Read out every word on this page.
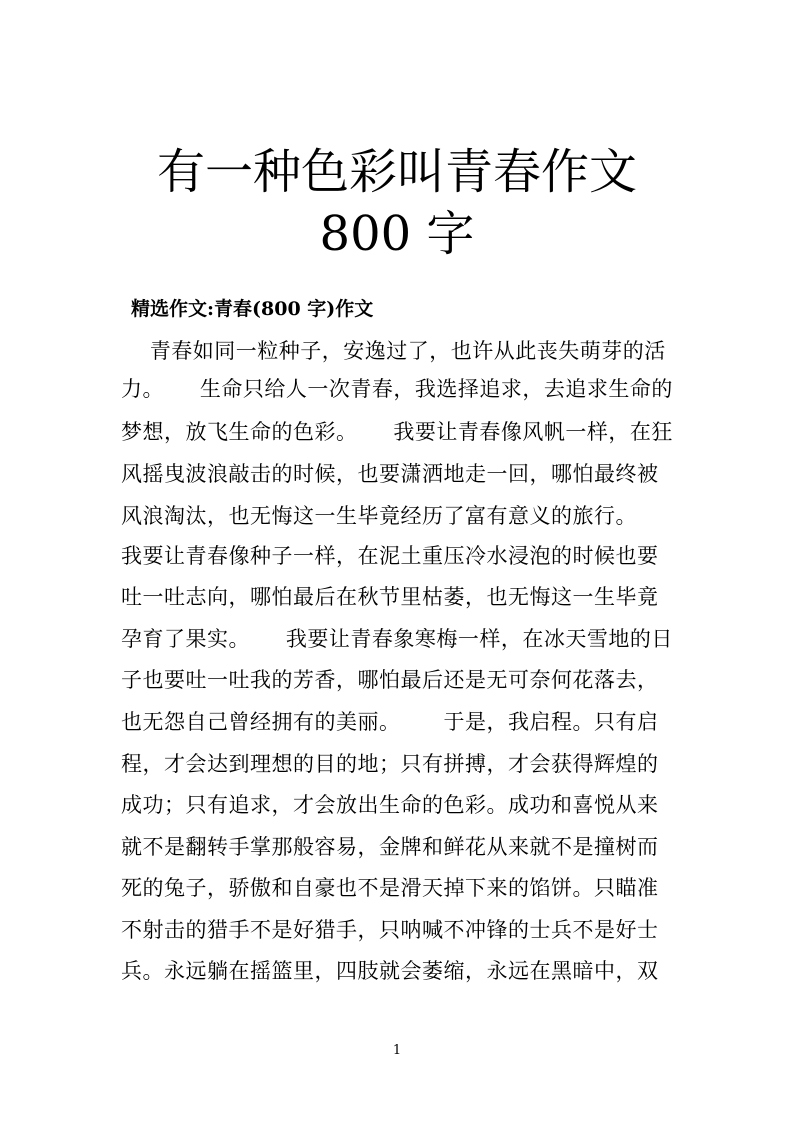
有一种色彩叫青春作文
800 字
精选作文:青春(800 字)作文
青春如同一粒种子，安逸过了，也许从此丧失萌芽的活
力。     生命只给人一次青春，我选择追求，去追求生命的
梦想，放飞生命的色彩。     我要让青春像风帆一样，在狂
风摇曳波浪敲击的时候，也要潇洒地走一回，哪怕最终被
风浪淘汰，也无悔这一生毕竟经历了富有意义的旅行。
我要让青春像种子一样，在泥土重压冷水浸泡的时候也要
吐一吐志向，哪怕最后在秋节里枯萎，也无悔这一生毕竟
孕育了果实。     我要让青春象寒梅一样，在冰天雪地的日
子也要吐一吐我的芳香，哪怕最后还是无可奈何花落去，
也无怨自己曾经拥有的美丽。      于是，我启程。只有启
程，才会达到理想的目的地；只有拼搏，才会获得辉煌的
成功；只有追求，才会放出生命的色彩。成功和喜悦从来
就不是翻转手掌那般容易，金牌和鲜花从来就不是撞树而
死的兔子，骄傲和自豪也不是滑天掉下来的馅饼。只瞄准
不射击的猎手不是好猎手，只呐喊不冲锋的士兵不是好士
兵。永远躺在摇篮里，四肢就会萎缩，永远在黑暗中，双
1
